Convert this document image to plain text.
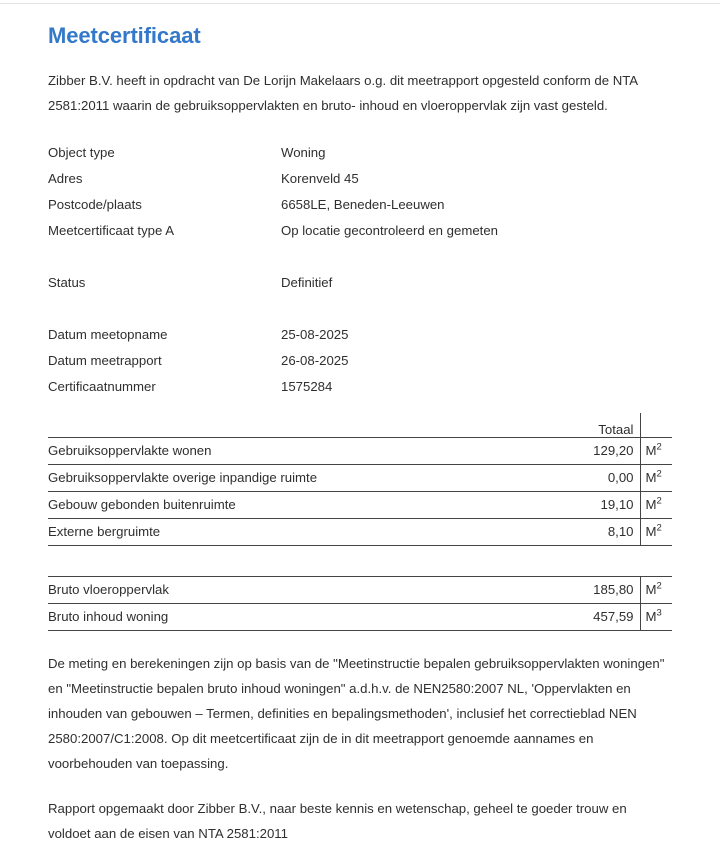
Meetcertificaat

Zibber B.V. heeft in opdracht van De Lorijn Makelaars o.g. dit meetrapport opgesteld conform de NTA 2581:2011 waarin de gebruiksoppervlakten en bruto- inhoud en vloeroppervlak zijn vast gesteld.

Object type	Woning
Adres	Korenveld 45
Postcode/plaats	6658LE, Beneden-Leeuwen
Meetcertificaat type A	Op locatie gecontroleerd en gemeten
Status	Definitief
Datum meetopname	25-08-2025
Datum meetrapport	26-08-2025
Certificaatnummer	1575284
	Totaal	
Gebruiksoppervlakte wonen	129,20	$M^2$
Gebruiksoppervlakte overige inpandige ruimte	0,00	$M^2$
Gebouw gebonden buitenruimte	19,10	$M^2$
Externe bergruimte	8,10	$M^2$
Bruto vloeroppervlak	185,80	$M^2$
Bruto inhoud woning	457,59	$M^3$

De meting en berekeningen zijn op basis van de "Meetinstructie bepalen gebruiksoppervlakten woningen" en "Meetinstructie bepalen bruto inhoud woningen" a.d.h.v. de NEN2580:2007 NL, 'Oppervlakten en inhouden van gebouwen – Termen, definities en bepalingsmethoden', inclusief het correctieblad NEN 2580:2007/C1:2008. Op dit meetcertificaat zijn de in dit meetrapport genoemde aannames en voorbehouden van toepassing.

Rapport opgemaakt door Zibber B.V., naar beste kennis en wetenschap, geheel te goeder trouw en voldoet aan de eisen van NTA 2581:2011
